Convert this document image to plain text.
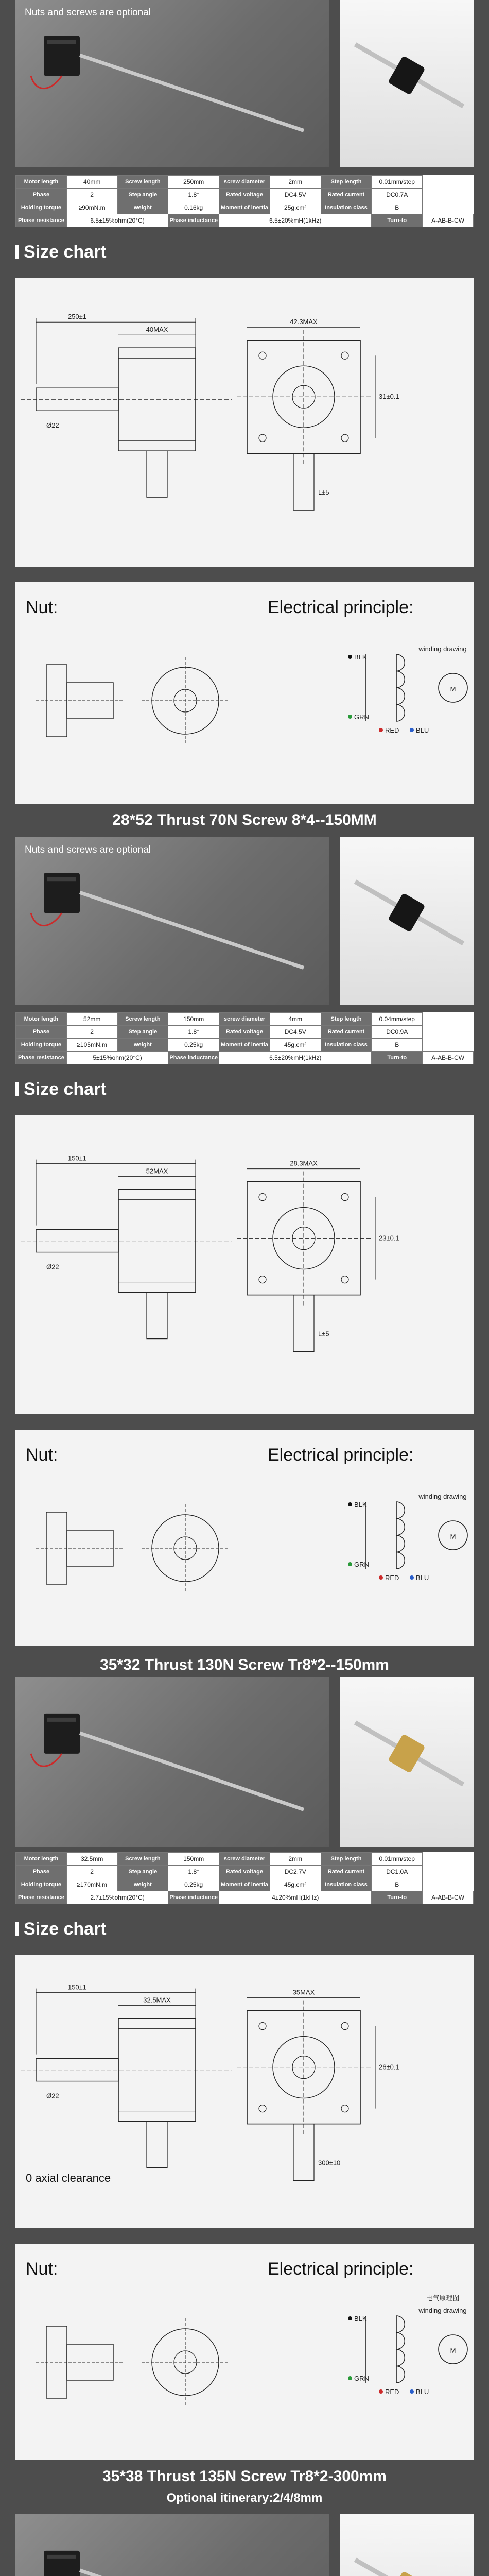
Nuts and screws are optional
Motor length	40mm	Screw length	250mm	screw diameter	2mm	Step length	0.01mm/step	
Phase	2	Step angle	1.8°	Rated voltage	DC4.5V	Rated current	DC0.7A	
Holding torque	≥90mN.m	weight	0.16kg	Moment of inertia	25g.cm²	Insulation class	B	
Phase resistance	6.5±15%ohm(20°C)		Phase inductance	6.5±20%mH(1kHz)			Turn-to	A-AB-B-CW
Size chart
250±1
40MAX
Ø22
42.3MAX
31±0.1
L±5
Nut:	Electrical principle:
M
winding drawing
RED	BLU
BLK
GRN
28*52 Thrust 70N Screw 8*4--150MM
Nuts and screws are optional
Motor length	52mm	Screw length	150mm	screw diameter	4mm	Step length	0.04mm/step	
Phase	2	Step angle	1.8°	Rated voltage	DC4.5V	Rated current	DC0.9A	
Holding torque	≥105mN.m	weight	0.25kg	Moment of inertia	45g.cm²	Insulation class	B	
Phase resistance	5±15%ohm(20°C)		Phase inductance	6.5±20%mH(1kHz)			Turn-to	A-AB-B-CW
Size chart
150±1
52MAX
Ø22
28.3MAX
23±0.1
L±5
Nut:	Electrical principle:
M
winding drawing
RED	BLU
BLK
GRN
35*32 Thrust 130N Screw Tr8*2--150mm
Motor length	32.5mm	Screw length	150mm	screw diameter	2mm	Step length	0.01mm/step	
Phase	2	Step angle	1.8°	Rated voltage	DC2.7V	Rated current	DC1.0A	
Holding torque	≥170mN.m	weight	0.25kg	Moment of inertia	45g.cm²	Insulation class	B	
Phase resistance	2.7±15%ohm(20°C)		Phase inductance	4±20%mH(1kHz)			Turn-to	A-AB-B-CW
Size chart
150±1
32.5MAX
Ø22
35MAX
26±0.1
300±10
0 axial clearance
Nut:	Electrical principle:
M
winding drawing
电气原理图
RED	BLU
BLK
GRN
35*38 Thrust 135N Screw Tr8*2-300mm
Optional itinerary:2/4/8mm
